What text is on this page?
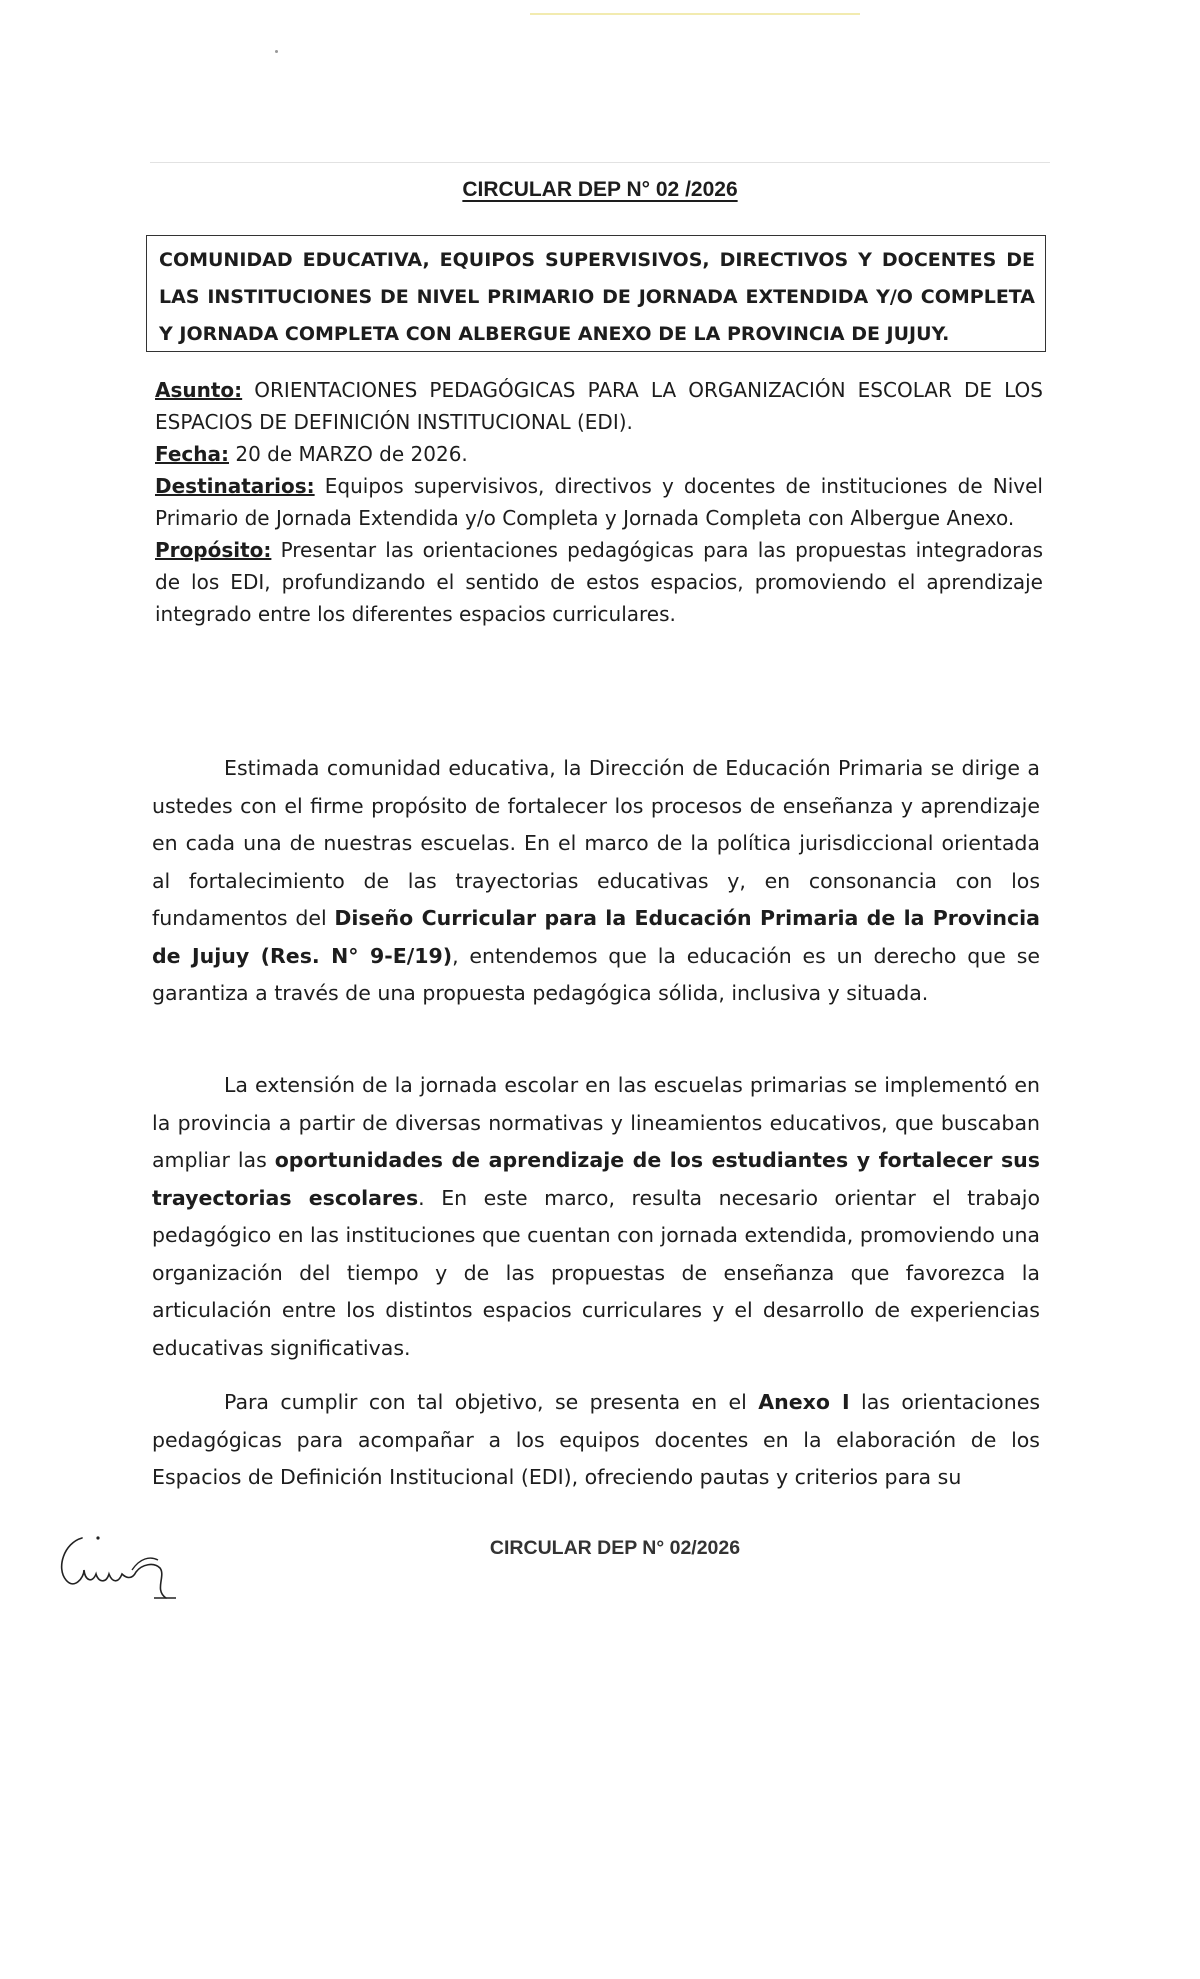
CIRCULAR DEP N° 02 /2026
COMUNIDAD EDUCATIVA, EQUIPOS SUPERVISIVOS, DIRECTIVOS Y DOCENTES DE LAS INSTITUCIONES DE NIVEL PRIMARIO DE JORNADA EXTENDIDA Y/O COMPLETA Y JORNADA COMPLETA CON ALBERGUE ANEXO DE LA PROVINCIA DE JUJUY.

Asunto: ORIENTACIONES PEDAGÓGICAS PARA LA ORGANIZACIÓN ESCOLAR DE LOS ESPACIOS DE DEFINICIÓN INSTITUCIONAL (EDI).

Fecha: 20 de MARZO de 2026.

Destinatarios: Equipos supervisivos, directivos y docentes de instituciones de Nivel Primario de Jornada Extendida y/o Completa y Jornada Completa con Albergue Anexo.

Propósito: Presentar las orientaciones pedagógicas para las propuestas integradoras de los EDI, profundizando el sentido de estos espacios, promoviendo el aprendizaje integrado entre los diferentes espacios curriculares.

Estimada comunidad educativa, la Dirección de Educación Primaria se dirige a ustedes con el firme propósito de fortalecer los procesos de enseñanza y aprendizaje en cada una de nuestras escuelas. En el marco de la política jurisdiccional orientada al fortalecimiento de las trayectorias educativas y, en consonancia con los fundamentos del Diseño Curricular para la Educación Primaria de la Provincia de Jujuy (Res. N° 9-E/19), entendemos que la educación es un derecho que se garantiza a través de una propuesta pedagógica sólida, inclusiva y situada.

La extensión de la jornada escolar en las escuelas primarias se implementó en la provincia a partir de diversas normativas y lineamientos educativos, que buscaban ampliar las oportunidades de aprendizaje de los estudiantes y fortalecer sus trayectorias escolares. En este marco, resulta necesario orientar el trabajo pedagógico en las instituciones que cuentan con jornada extendida, promoviendo una organización del tiempo y de las propuestas de enseñanza que favorezca la articulación entre los distintos espacios curriculares y el desarrollo de experiencias educativas significativas.

Para cumplir con tal objetivo, se presenta en el Anexo I las orientaciones pedagógicas para acompañar a los equipos docentes en la elaboración de los Espacios de Definición Institucional (EDI), ofreciendo pautas y criterios para su

CIRCULAR DEP N° 02/2026
